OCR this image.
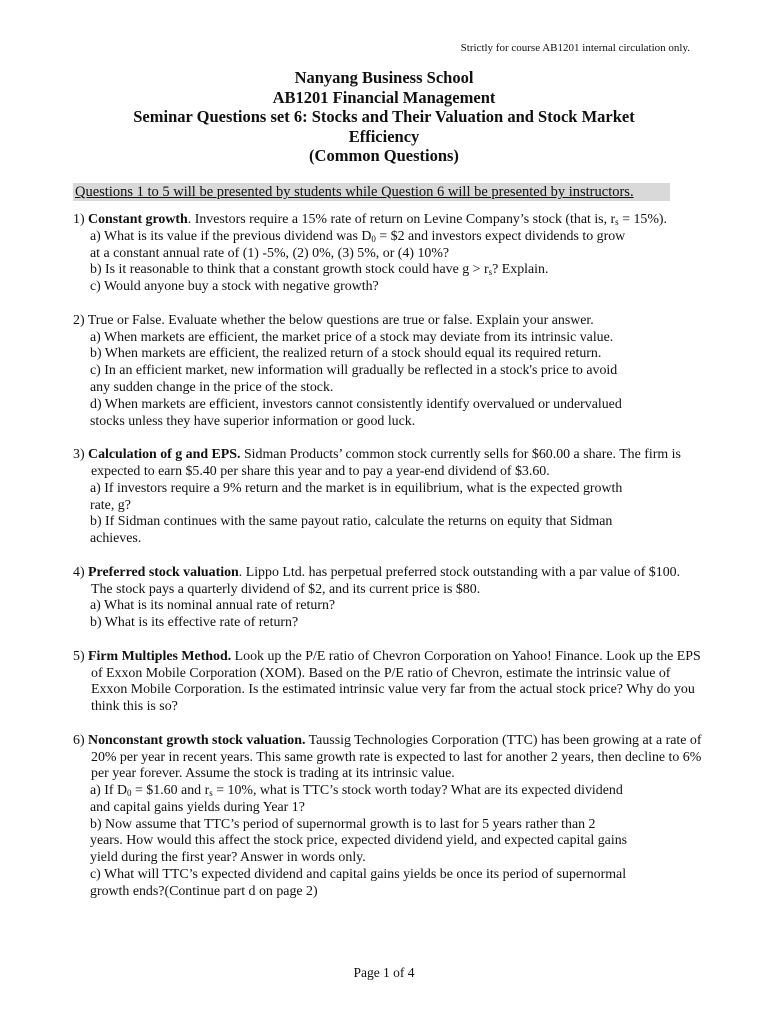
Strictly for course AB1201 internal circulation only.
Nanyang Business School
AB1201 Financial Management
Seminar Questions set 6: Stocks and Their Valuation and Stock Market
Efficiency
(Common Questions)
Questions 1 to 5 will be presented by students while Question 6 will be presented by instructors.
1) Constant growth. Investors require a 15% rate of return on Levine Company’s stock (that is, $r_s = 15\%$).
a) What is its value if the previous dividend was $D_0$ = $2 and investors expect dividends to grow
at a constant annual rate of (1) -5%, (2) 0%, (3) 5%, or (4) 10%?
b) Is it reasonable to think that a constant growth stock could have $g > r_s$? Explain.
c) Would anyone buy a stock with negative growth?
2) True or False. Evaluate whether the below questions are true or false. Explain your answer.
a) When markets are efficient, the market price of a stock may deviate from its intrinsic value.
b) When markets are efficient, the realized return of a stock should equal its required return.
c) In an efficient market, new information will gradually be reflected in a stock's price to avoid
any sudden change in the price of the stock.
d) When markets are efficient, investors cannot consistently identify overvalued or undervalued
stocks unless they have superior information or good luck.
3) Calculation of g and EPS. Sidman Products’ common stock currently sells for $60.00 a share. The firm is expected to earn $5.40 per share this year and to pay a year-end dividend of $3.60.
a) If investors require a 9% return and the market is in equilibrium, what is the expected growth
rate, g?
b) If Sidman continues with the same payout ratio, calculate the returns on equity that Sidman
achieves.
4) Preferred stock valuation. Lippo Ltd. has perpetual preferred stock outstanding with a par value of $100. The stock pays a quarterly dividend of $2, and its current price is $80.
a) What is its nominal annual rate of return?
b) What is its effective rate of return?
5) Firm Multiples Method. Look up the P/E ratio of Chevron Corporation on Yahoo! Finance. Look up the EPS of Exxon Mobile Corporation (XOM). Based on the P/E ratio of Chevron, estimate the intrinsic value of Exxon Mobile Corporation. Is the estimated intrinsic value very far from the actual stock price? Why do you think this is so?
6) Nonconstant growth stock valuation. Taussig Technologies Corporation (TTC) has been growing at a rate of 20% per year in recent years. This same growth rate is expected to last for another 2 years, then decline to 6% per year forever. Assume the stock is trading at its intrinsic value.
a) If $D_0$ = $1.60 and $r_s = 10\%$, what is TTC’s stock worth today? What are its expected dividend
and capital gains yields during Year 1?
b) Now assume that TTC’s period of supernormal growth is to last for 5 years rather than 2
years. How would this affect the stock price, expected dividend yield, and expected capital gains
yield during the first year? Answer in words only.
c) What will TTC’s expected dividend and capital gains yields be once its period of supernormal
growth ends?(Continue part d on page 2)
Page 1 of 4
